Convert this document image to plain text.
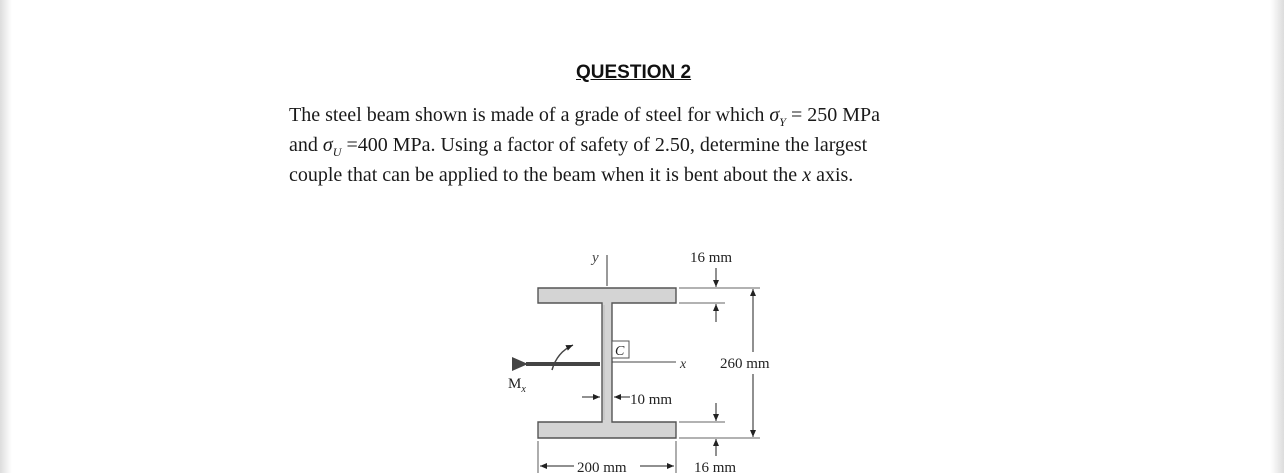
QUESTION 2
The steel beam shown is made of a grade of steel for which $\sigma_Y = 250$ MPa
and $\sigma_U =400$ MPa. Using a factor of safety of 2.50, determine the largest
couple that can be applied to the beam when it is bent about the x axis.
y
C
x
$M_x$
10 mm
16 mm
260 mm
16 mm
200 mm
